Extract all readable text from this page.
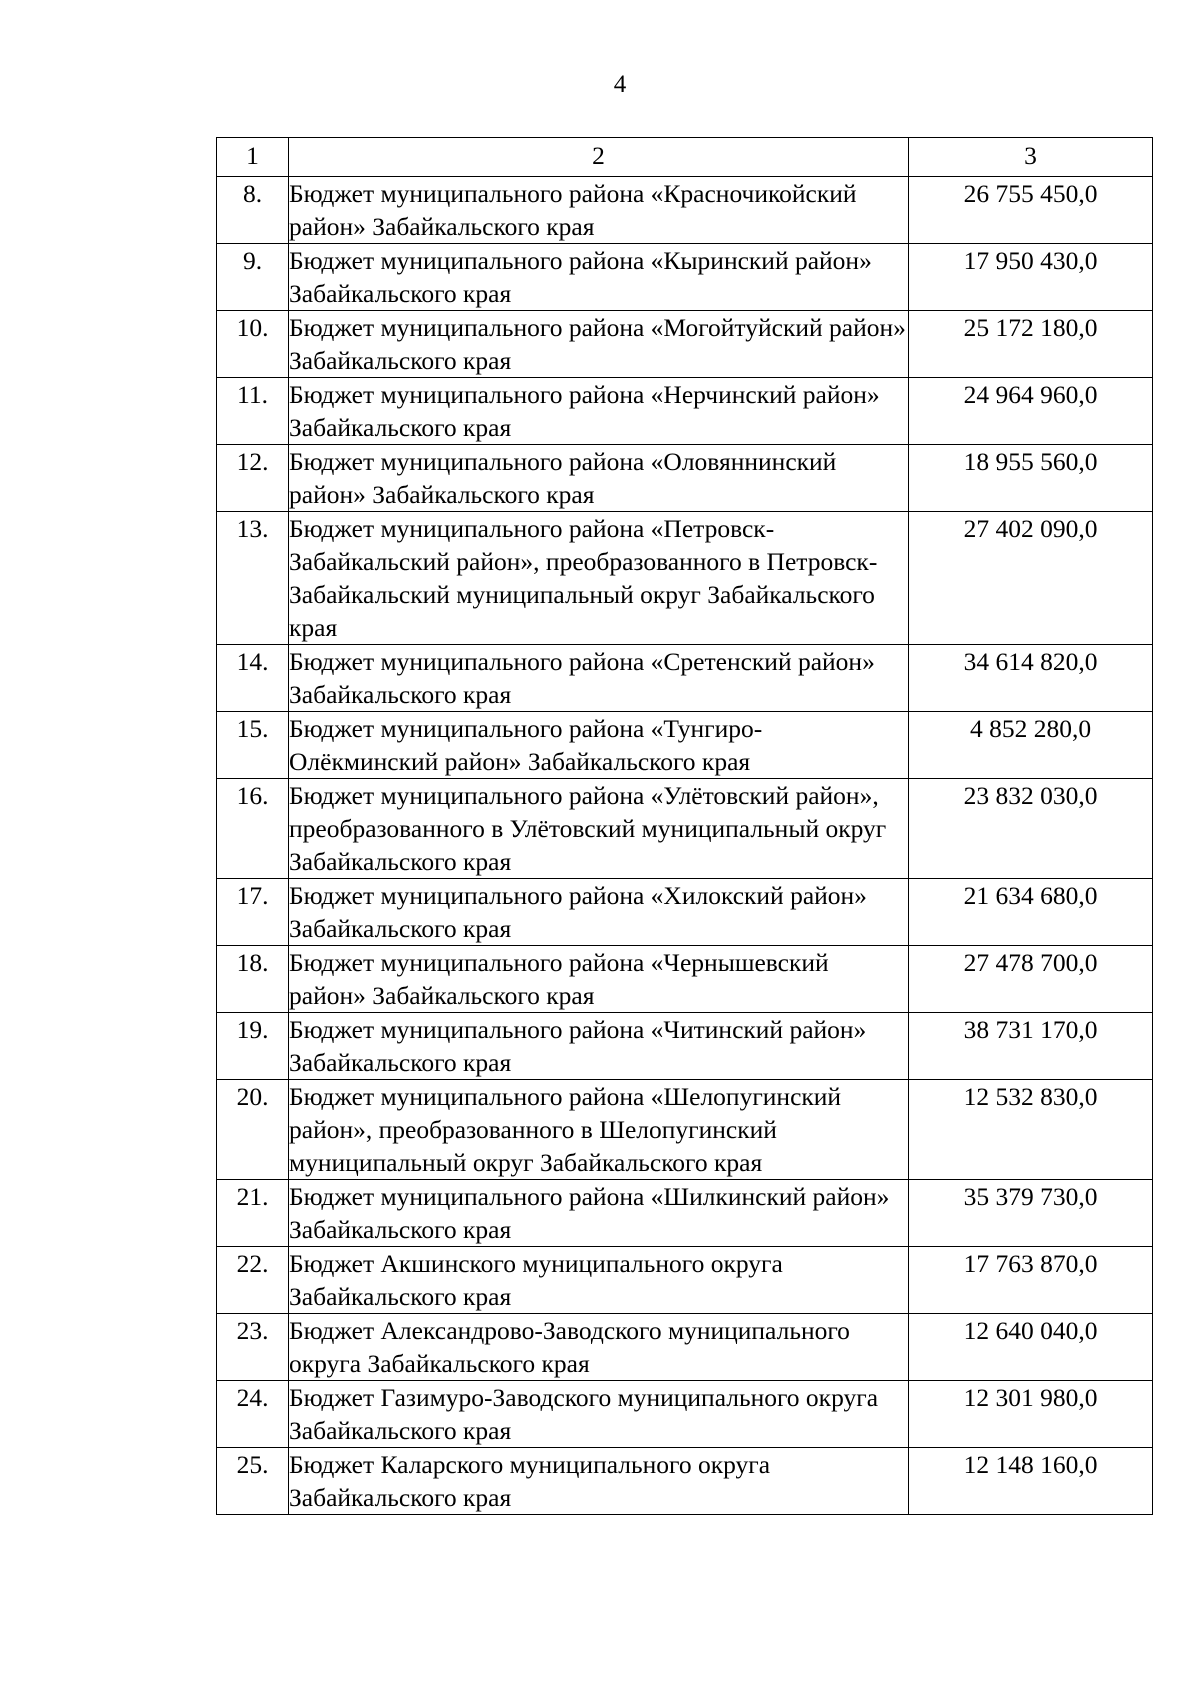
4
1	2	3
8.	Бюджет муниципального района «Красночикойский район» Забайкальского края	26 755 450,0
9.	Бюджет муниципального района «Кыринский район» Забайкальского края	17 950 430,0
10.	Бюджет муниципального района «Могойтуйский район» Забайкальского края	25 172 180,0
11.	Бюджет муниципального района «Нерчинский район» Забайкальского края	24 964 960,0
12.	Бюджет муниципального района «Оловяннинский район» Забайкальского края	18 955 560,0
13.	Бюджет муниципального района «Петровск-Забайкальский район», преобразованного в Петровск-Забайкальский муниципальный округ Забайкальского края	27 402 090,0
14.	Бюджет муниципального района «Сретенский район» Забайкальского края	34 614 820,0
15.	Бюджет муниципального района «Тунгиро-Олёкминский район» Забайкальского края	4 852 280,0
16.	Бюджет муниципального района «Улётовский район», преобразованного в Улётовский муниципальный округ Забайкальского края	23 832 030,0
17.	Бюджет муниципального района «Хилокский район» Забайкальского края	21 634 680,0
18.	Бюджет муниципального района «Чернышевский район» Забайкальского края	27 478 700,0
19.	Бюджет муниципального района «Читинский район» Забайкальского края	38 731 170,0
20.	Бюджет муниципального района «Шелопугинский район», преобразованного в Шелопугинский муниципальный округ Забайкальского края	12 532 830,0
21.	Бюджет муниципального района «Шилкинский район» Забайкальского края	35 379 730,0
22.	Бюджет Акшинского муниципального округа Забайкальского края	17 763 870,0
23.	Бюджет Александрово-Заводского муниципального округа Забайкальского края	12 640 040,0
24.	Бюджет Газимуро-Заводского муниципального округа Забайкальского края	12 301 980,0
25.	Бюджет Каларского муниципального округа Забайкальского края	12 148 160,0
